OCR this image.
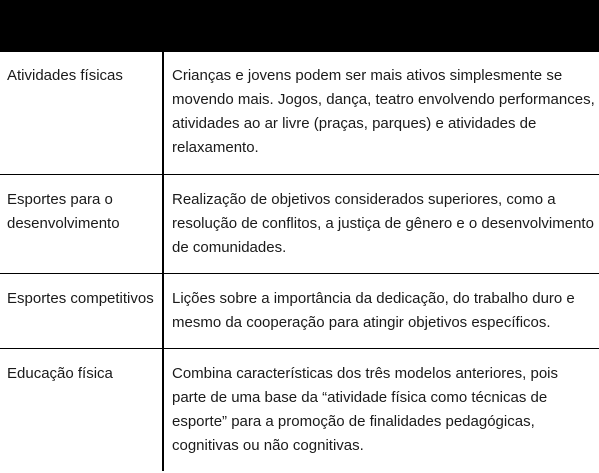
Atividades físicas	Crianças e jovens podem ser mais ativos simplesmente se movendo mais. Jogos, dança, teatro envolvendo performances, atividades ao ar livre (praças, parques) e atividades de relaxamento.
Esportes para o desenvolvimento	Realização de objetivos considerados superiores, como a resolução de conflitos, a justiça de gênero e o desenvolvimento de comunidades.
Esportes competitivos	Lições sobre a importância da dedicação, do trabalho duro e mesmo da cooperação para atingir objetivos específicos.
Educação física	Combina características dos três modelos anteriores, pois parte de uma base da “atividade física como técnicas de esporte” para a promoção de finalidades pedagógicas, cognitivas ou não cognitivas.
